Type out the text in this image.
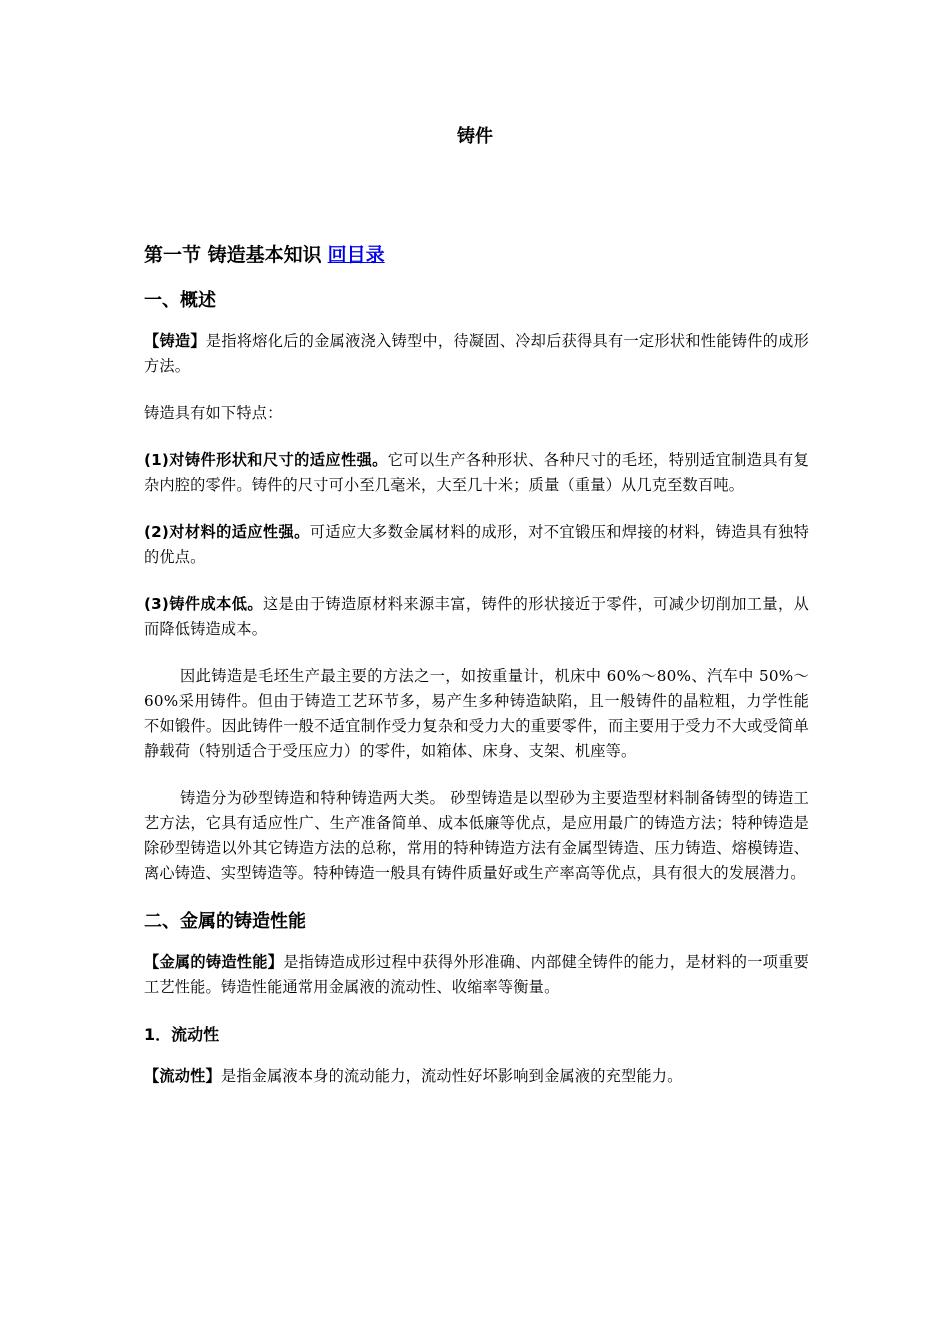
铸件
第一节 铸造基本知识 回目录
一、概述

【铸造】是指将熔化后的金属液浇入铸型中，待凝固、冷却后获得具有一定形状和性能铸件的成形方法。

铸造具有如下特点：

(1)对铸件形状和尺寸的适应性强。它可以生产各种形状、各种尺寸的毛坯，特别适宜制造具有复杂内腔的零件。铸件的尺寸可小至几毫米，大至几十米；质量（重量）从几克至数百吨。

(2)对材料的适应性强。可适应大多数金属材料的成形，对不宜锻压和焊接的材料，铸造具有独特的优点。

(3)铸件成本低。这是由于铸造原材料来源丰富，铸件的形状接近于零件，可减少切削加工量，从而降低铸造成本。

因此铸造是毛坯生产最主要的方法之一，如按重量计，机床中 60%～80%、汽车中 50%～60%采用铸件。但由于铸造工艺环节多，易产生多种铸造缺陷，且一般铸件的晶粒粗，力学性能不如锻件。因此铸件一般不适宜制作受力复杂和受力大的重要零件，而主要用于受力不大或受简单静载荷（特别适合于受压应力）的零件，如箱体、床身、支架、机座等。

铸造分为砂型铸造和特种铸造两大类。 砂型铸造是以型砂为主要造型材料制备铸型的铸造工艺方法，它具有适应性广、生产准备简单、成本低廉等优点，是应用最广的铸造方法；特种铸造是除砂型铸造以外其它铸造方法的总称，常用的特种铸造方法有金属型铸造、压力铸造、熔模铸造、离心铸造、实型铸造等。特种铸造一般具有铸件质量好或生产率高等优点，具有很大的发展潜力。

二、金属的铸造性能

【金属的铸造性能】是指铸造成形过程中获得外形准确、内部健全铸件的能力，是材料的一项重要工艺性能。铸造性能通常用金属液的流动性、收缩率等衡量。

1．流动性

【流动性】是指金属液本身的流动能力，流动性好坏影响到金属液的充型能力。
